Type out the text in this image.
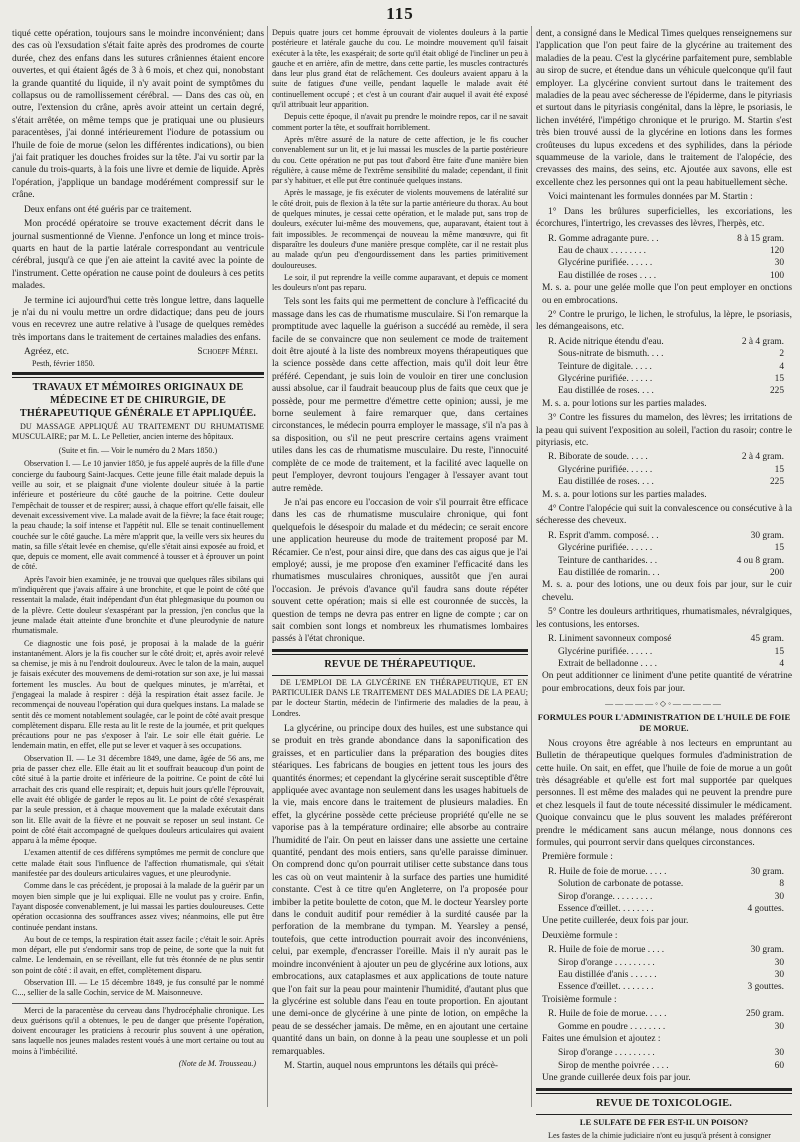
115

tiqué cette opération, toujours sans le moindre inconvénient; dans des cas où l'exsudation s'était faite après des prodromes de courte durée, chez des enfans dans les sutures crâniennes étaient encore ouvertes, et qui étaient âgés de 3 à 6 mois, et chez qui, nonobstant la grande quantité du liquide, il n'y avait point de symptômes du collapsus ou de ramollissement cérébral. — Dans des cas où, en outre, l'extension du crâne, après avoir atteint un certain degré, s'était arrêtée, on même temps que je pratiquai une ou plusieurs paracentèses, j'ai donné intérieurement l'iodure de potassium ou l'huile de foie de morue (selon les différentes indications), ou bien j'ai fait pratiquer les douches froides sur la tête. J'ai vu sortir par la canule du trois-quarts, à la fois une livre et demie de liquide. Après l'opération, j'applique un bandage modérément compressif sur le crâne.

Deux enfans ont été guéris par ce traitement.

Mon procédé opératoire se trouve exactement décrit dans le journal susmentionné de Vienne. J'enfonce un long et mince trois-quarts en haut de la partie latérale correspondant au ventricule cérébral, jusqu'à ce que j'en aie atteint la cavité avec la pointe de l'instrument. Cette opération ne cause point de douleurs à ces petits malades.

Je termine ici aujourd'hui cette très longue lettre, dans laquelle je n'ai du ni voulu mettre un ordre didactique; dans peu de jours vous en recevrez une autre relative à l'usage de quelques remèdes très importans dans le traitement de certaines maladies des enfans.

Agréez, etc.	Schoepf Mérei.
Pesth, février 1850.
TRAVAUX ET MÉMOIRES ORIGINAUX DE MÉDECINE ET DE CHIRURGIE, DE THÉRAPEUTIQUE GÉNÉRALE ET APPLIQUÉE.
DU MASSAGE APPLIQUÉ AU TRAITEMENT DU RHUMATISME MUSCULAIRE; par M. L. Le Pelletier, ancien interne des hôpitaux.
(Suite et fin. — Voir le numéro du 2 Mars 1850.)

Observation I. — Le 10 janvier 1850, je fus appelé auprès de la fille d'une concierge du faubourg Saint-Jacques. Cette jeune fille était malade depuis la veille au soir, et se plaignait d'une violente douleur située à la partie inférieure et postérieure du côté gauche de la poitrine. Cette douleur l'empêchait de tousser et de respirer; aussi, à chaque effort qu'elle faisait, elle devenait excessivement vive. La malade avait de la fièvre; la face était rouge; la peau chaude; la soif intense et l'appétit nul. Elle se tenait continuellement couchée sur le côté gauche. La mère m'apprit que, la veille vers six heures du matin, sa fille s'était levée en chemise, qu'elle s'était ainsi exposée au froid, et que, depuis ce moment, elle avait commencé à tousser et à éprouver un point de côté.

Après l'avoir bien examinée, je ne trouvai que quelques râles sibilans qui m'indiquèrent que j'avais affaire à une bronchite, et que le point de côté que ressentait la malade, était indépendant d'un état phlegmasique du poumon ou de la plèvre. Cette douleur s'exaspérant par la pression, j'en conclus que la jeune malade était atteinte d'une bronchite et d'une pleurodynie de nature rhumatismale.

Ce diagnostic une fois posé, je proposai à la malade de la guérir instantanément. Alors je la fis coucher sur le côté droit; et, après avoir relevé sa chemise, je mis à nu l'endroit douloureux. Avec le talon de la main, auquel je faisais exécuter des mouvemens de demi-rotation sur son axe, je lui massai fortement les muscles. Au bout de quelques minutes, je m'arrêtai, et j'engageai la malade à respirer : déjà la respiration était assez facile. Je recommençai de nouveau l'opération qui dura quelques instans. La malade se sentit dès ce moment notablement soulagée, car le point de côté avait presque complètement disparu. Elle resta au lit le reste de la journée, et prit quelques précautions pour ne pas s'exposer à l'air. Le soir elle était guérie. Le lendemain matin, en effet, elle put se lever et vaquer à ses occupations.

Observation II. — Le 31 décembre 1849, une dame, âgée de 56 ans, me pria de passer chez elle. Elle était au lit et souffrait beaucoup d'un point de côté situé à la partie droite et inférieure de la poitrine. Ce point de côté lui arrachait des cris quand elle respirait; et, depuis huit jours qu'elle l'éprouvait, elle avait été obligée de garder le repos au lit. Le point de côté s'exaspérait par la seule pression, et à chaque mouvement que la malade exécutait dans son lit. Elle avait de la fièvre et ne pouvait se reposer un seul instant. Ce point de côté était accompagné de quelques douleurs articulaires qui avaient apparu à la même époque.

L'examen attentif de ces différens symptômes me permit de conclure que cette malade était sous l'influence de l'affection rhumatismale, qui s'était manifestée par des douleurs articulaires vagues, et une pleurodynie.

Comme dans le cas précédent, je proposai à la malade de la guérir par un moyen bien simple que je lui expliquai. Elle ne voulut pas y croire. Enfin, l'ayant disposée convenablement, je lui massai les parties douloureuses. Cette opération occasionna des souffrances assez vives; néanmoins, elle put être continuée pendant instans.

Au bout de ce temps, la respiration était assez facile ; c'était le soir. Après mon départ, elle put s'endormir sans trop de peine, de sorte que la nuit fut calme. Le lendemain, en se réveillant, elle fut très étonnée de ne plus sentir son point de côté : il avait, en effet, complètement disparu.

Observation III. — Le 15 décembre 1849, je fus consulté par le nommé C..., sellier de la salle Cochin, service de M. Maisonneuve.

Merci de la paracentèse du cerveau dans l'hydrocéphalie chronique. Les deux guérisons qu'il a obtenues, le peu de danger que présente l'opération, doivent encourager les praticiens à recourir plus souvent à une opération, sans laquelle nos jeunes malades restent voués à une mort certaine ou tout au moins à l'imbécilité.

(Note de M. Trousseau.)

Depuis quatre jours cet homme éprouvait de violentes douleurs à la partie postérieure et latérale gauche du cou. Le moindre mouvement qu'il faisait exécuter à la tête, les exaspérait; de sorte qu'il était obligé de l'incliner un peu à gauche et en arrière, afin de mettre, dans cette partie, les muscles contracturés dans leur plus grand état de relâchement. Ces douleurs avaient apparu à la suite de fatigues d'une veille, pendant laquelle le malade avait été continuellement occupé ; et c'est à un courant d'air auquel il avait été exposé qu'il attribuait leur apparition.

Depuis cette époque, il n'avait pu prendre le moindre repos, car il ne savait comment porter la tête, et souffrait horriblement.

Après m'être assuré de la nature de cette affection, je le fis coucher convenablement sur un lit, et je lui massai les muscles de la partie postérieure du cou. Cette opération ne put pas tout d'abord être faite d'une manière bien régulière, à cause même de l'extrême sensibilité du malade; cependant, il finit par s'y habituer, et elle put être continuée quelques instans.

Après le massage, je fis exécuter de violents mouvemens de latéralité sur le côté droit, puis de flexion à la tête sur la partie antérieure du thorax. Au bout de quelques minutes, je cessai cette opération, et le malade put, sans trop de douleurs, exécuter lui-même des mouvemens, que, auparavant, étaient tout à fait impossibles. Je recommençai de nouveau la même manœuvre, qui fit disparaître les douleurs d'une manière presque complète, car il ne restait plus au malade qu'un peu d'engourdissement dans les parties primitivement douloureuses.

Le soir, il put reprendre la veille comme auparavant, et depuis ce moment les douleurs n'ont pas reparu.

Tels sont les faits qui me permettent de conclure à l'efficacité du massage dans les cas de rhumatisme musculaire. Si l'on remarque la promptitude avec laquelle la guérison a succédé au remède, il sera facile de se convaincre que non seulement ce mode de traitement doit être ajouté à la liste des nombreux moyens thérapeutiques que la science possède dans cette affection, mais qu'il doit leur être préféré. Cependant, je suis loin de vouloir en tirer une conclusion aussi absolue, car il faudrait beaucoup plus de faits que ceux que je possède, pour me permettre d'émettre cette opinion; aussi, je me borne seulement à faire remarquer que, dans certaines circonstances, le médecin pourra employer le massage, s'il n'a pas à sa disposition, ou s'il ne peut prescrire certains agens vraiment utiles dans les cas de rhumatisme musculaire. Du reste, l'innocuité complète de ce mode de traitement, et la facilité avec laquelle on peut l'employer, devront toujours l'engager à l'essayer avant tout autre remède.

Je n'ai pas encore eu l'occasion de voir s'il pourrait être efficace dans les cas de rhumatisme musculaire chronique, qui font quelquefois le désespoir du malade et du médecin; ce serait encore une application heureuse du mode de traitement proposé par M. Récamier. Ce n'est, pour ainsi dire, que dans des cas aigus que je l'ai employé; aussi, je me propose d'en examiner l'efficacité dans les rhumatismes musculaires chroniques, aussitôt que j'en aurai l'occasion. Je prévois d'avance qu'il faudra sans doute répéter souvent cette opération; mais si elle est couronnée de succès, la question de temps ne devra pas entrer en ligne de compte ; car on sait combien sont longs et nombreux les rhumatismes lombaires passés à l'état chronique.

REVUE DE THÉRAPEUTIQUE.
DE L'EMPLOI DE LA GLYCÉRINE EN THÉRAPEUTIQUE, ET EN PARTICULIER DANS LE TRAITEMENT DES MALADIES DE LA PEAU; par le docteur Startin, médecin de l'infirmerie des maladies de la peau, à Londres.

La glycérine, ou principe doux des huiles, est une substance qui se produit en très grande abondance dans la saponification des graisses, et en particulier dans la préparation des bougies dites stéariques. Les fabricans de bougies en jettent tous les jours des quantités énormes; et cependant la glycérine serait susceptible d'être appliquée avec avantage non seulement dans les usages habituels de la vie, mais encore dans le traitement de plusieurs maladies. En effet, la glycérine possède cette précieuse propriété qu'elle ne se vaporise pas à la température ordinaire; elle absorbe au contraire l'humidité de l'air. On peut en laisser dans une assiette une certaine quantité, pendant des mois entiers, sans qu'elle paraisse diminuer. On comprend donc qu'on pourrait utiliser cette substance dans tous les cas où on veut maintenir à la surface des parties une humidité constante. C'est à ce titre qu'en Angleterre, on l'a proposée pour imbiber la petite boulette de coton, que M. le docteur Yearsley porte dans le conduit auditif pour remédier à la surdité causée par la perforation de la membrane du tympan. M. Yearsley a pensé, toutefois, que cette introduction pourrait avoir des inconvéniens, celui, par exemple, d'encrasser l'oreille. Mais il n'y aurait pas le moindre inconvénient à ajouter un peu de glycérine aux lotions, aux embrocations, aux cataplasmes et aux applications de toute nature que l'on fait sur la peau pour maintenir l'humidité, d'autant plus que la glycérine est soluble dans l'eau en toute proportion. En ajoutant une demi-once de glycérine à une pinte de lotion, on empêche la peau de se dessécher jamais. De même, en en ajoutant une certaine quantité dans un bain, on donne à la peau une souplesse et un poli remarquables.

M. Startin, auquel nous empruntons les détails qui précè-

dent, a consigné dans le Medical Times quelques renseignemens sur l'application que l'on peut faire de la glycérine au traitement des maladies de la peau. C'est la glycérine parfaitement pure, semblable au sirop de sucre, et étendue dans un véhicule quelconque qu'il faut employer. La glycérine convient surtout dans le traitement des maladies de la peau avec sécheresse de l'épiderme, dans le pityriasis et surtout dans le pityriasis congénital, dans la lèpre, le psoriasis, le lichen invétéré, l'impétigo chronique et le prurigo. M. Startin s'est très bien trouvé aussi de la glycérine en lotions dans les formes croûteuses du lupus excedens et des syphilides, dans la période squammeuse de la variole, dans le traitement de l'alopécie, des crevasses des mains, des seins, etc. Ajoutée aux savons, elle est excellente chez les personnes qui ont la peau habituellement sèche.

Voici maintenant les formules données par M. Startin :

1° Dans les brûlures superficielles, les excoriations, les écorchures, l'intertrigo, les crevasses des lèvres, l'herpès, etc.

R. Gomme adragante pure. . .	8 à 15 gram.
Eau de chaux . . . . . . . .	120
Glycérine purifiée. . . . . .	30
Eau distillée de roses . . . .	100

M. s. a. pour une gelée molle que l'on peut employer en onctions ou en embrocations.

2° Contre le prurigo, le lichen, le strofulus, la lèpre, le psoriasis, les démangeaisons, etc.

R. Acide nitrique étendu d'eau.	2 à 4 gram.
Sous-nitrate de bismuth. . . .	2
Teinture de digitale. . . . .	4
Glycérine purifiée. . . . . .	15
Eau distillée de roses. . . .	225

M. s. a. pour lotions sur les parties malades.

3° Contre les fissures du mamelon, des lèvres; les irritations de la peau qui suivent l'exposition au soleil, l'action du rasoir; contre le pityriasis, etc.

R. Biborate de soude. . . . .	2 à 4 gram.
Glycérine purifiée. . . . . .	15
Eau distillée de roses. . . .	225

M. s. a. pour lotions sur les parties malades.

4° Contre l'alopécie qui suit la convalescence ou consécutive à la sécheresse des cheveux.

R. Esprit d'amm. composé. . .	30 gram.
Glycérine purifiée. . . . . .	15
Teinture de cantharides. . .	4 ou 8 gram.
Eau distillée de romarin. . .	200

M. s. a. pour des lotions, une ou deux fois par jour, sur le cuir chevelu.

5° Contre les douleurs arthritiques, rhumatismales, névralgiques, les contusions, les entorses.

R. Liniment savonneux composé	45 gram.
Glycérine purifiée. . . . . .	15
Extrait de belladonne . . . .	4

On peut additionner ce liniment d'une petite quantité de vératrine pour embrocations, deux fois par jour.

—————◦◇◦—————
FORMULES POUR L'ADMINISTRATION DE L'HUILE DE FOIE DE MORUE.

Nous croyons être agréable à nos lecteurs en empruntant au Bulletin de thérapeutique quelques formules d'administration de cette huile. On sait, en effet, que l'huile de foie de morue a un goût très désagréable et qu'elle est fort mal supportée par quelques personnes. Il est même des malades qui ne peuvent la prendre pure et chez lesquels il faut de toute nécessité dissimuler le médicament. Quoique convaincu que le plus souvent les malades préféreront prendre le médicament sans aucun mélange, nous donnons ces formules, qui pourront servir dans quelques circonstances.

Première formule :

R. Huile de foie de morue. . . . .	30 gram.
Solution de carbonate de potasse.	8
Sirop d'orange. . . . . . . . .	30
Essence d'œillet. . . . . . . .	4 gouttes.

Une petite cuillerée, deux fois par jour.

Deuxième formule :

R. Huile de foie de morue . . . .	30 gram.
Sirop d'orange . . . . . . . . .	30
Eau distillée d'anis . . . . . .	30
Essence d'œillet. . . . . . . .	3 gouttes.

Troisième formule :

R. Huile de foie de morue. . . . .	250 gram.
Gomme en poudre . . . . . . . .	30

Faites une émulsion et ajoutez :

Sirop d'orange . . . . . . . . .	30
Sirop de menthe poivrée . . . .	60

Une grande cuillerée deux fois par jour.

REVUE DE TOXICOLOGIE.
LE SULFATE DE FER EST-IL UN POISON?

Les fastes de la chimie judiciaire n'ont eu jusqu'à présent à consigner
